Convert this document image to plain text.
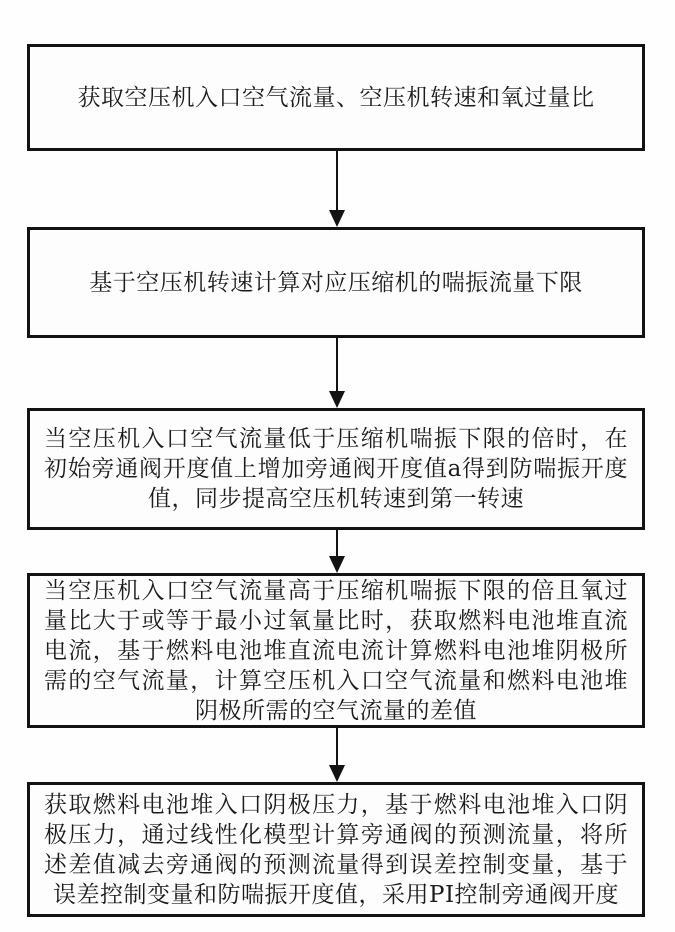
获取空压机入口空气流量、空压机转速和氧过量比
基于空压机转速计算对应压缩机的喘振流量下限
当空压机入口空气流量低于压缩机喘振下限的倍时，在初始旁通阀开度值上增加旁通阀开度值a得到防喘振开度值，同步提高空压机转速到第一转速
当空压机入口空气流量高于压缩机喘振下限的倍且氧过量比大于或等于最小过氧量比时，获取燃料电池堆直流电流，基于燃料电池堆直流电流计算燃料电池堆阴极所需的空气流量，计算空压机入口空气流量和燃料电池堆阴极所需的空气流量的差值
获取燃料电池堆入口阴极压力，基于燃料电池堆入口阴极压力，通过线性化模型计算旁通阀的预测流量，将所述差值减去旁通阀的预测流量得到误差控制变量，基于误差控制变量和防喘振开度值，采用PI控制旁通阀开度
